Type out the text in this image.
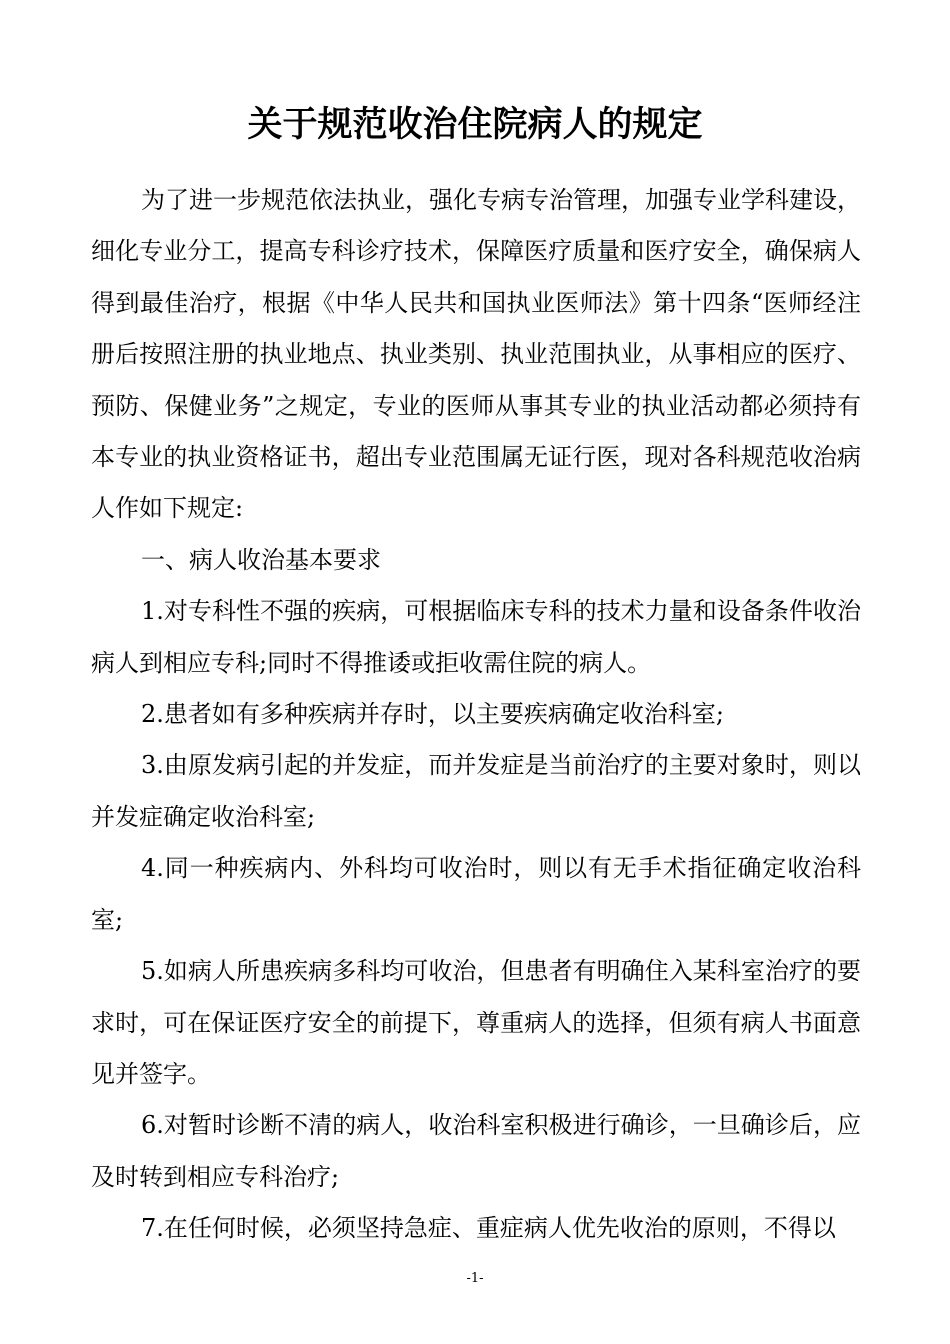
关于规范收治住院病人的规定

为了进一步规范依法执业，强化专病专治管理，加强专业学科建设，细化专业分工，提高专科诊疗技术，保障医疗质量和医疗安全，确保病人得到最佳治疗，根据《中华人民共和国执业医师法》第十四条“医师经注册后按照注册的执业地点、执业类别、执业范围执业，从事相应的医疗、预防、保健业务”之规定，专业的医师从事其专业的执业活动都必须持有本专业的执业资格证书，超出专业范围属无证行医，现对各科规范收治病人作如下规定:

一、病人收治基本要求

1.对专科性不强的疾病，可根据临床专科的技术力量和设备条件收治病人到相应专科;同时不得推诿或拒收需住院的病人。

2.患者如有多种疾病并存时，以主要疾病确定收治科室;

3.由原发病引起的并发症，而并发症是当前治疗的主要对象时，则以并发症确定收治科室;

4.同一种疾病内、外科均可收治时，则以有无手术指征确定收治科室;

5.如病人所患疾病多科均可收治，但患者有明确住入某科室治疗的要求时，可在保证医疗安全的前提下，尊重病人的选择，但须有病人书面意见并签字。

6.对暂时诊断不清的病人，收治科室积极进行确诊，一旦确诊后，应及时转到相应专科治疗;

7.在任何时候，必须坚持急症、重症病人优先收治的原则，不得以

-1-
